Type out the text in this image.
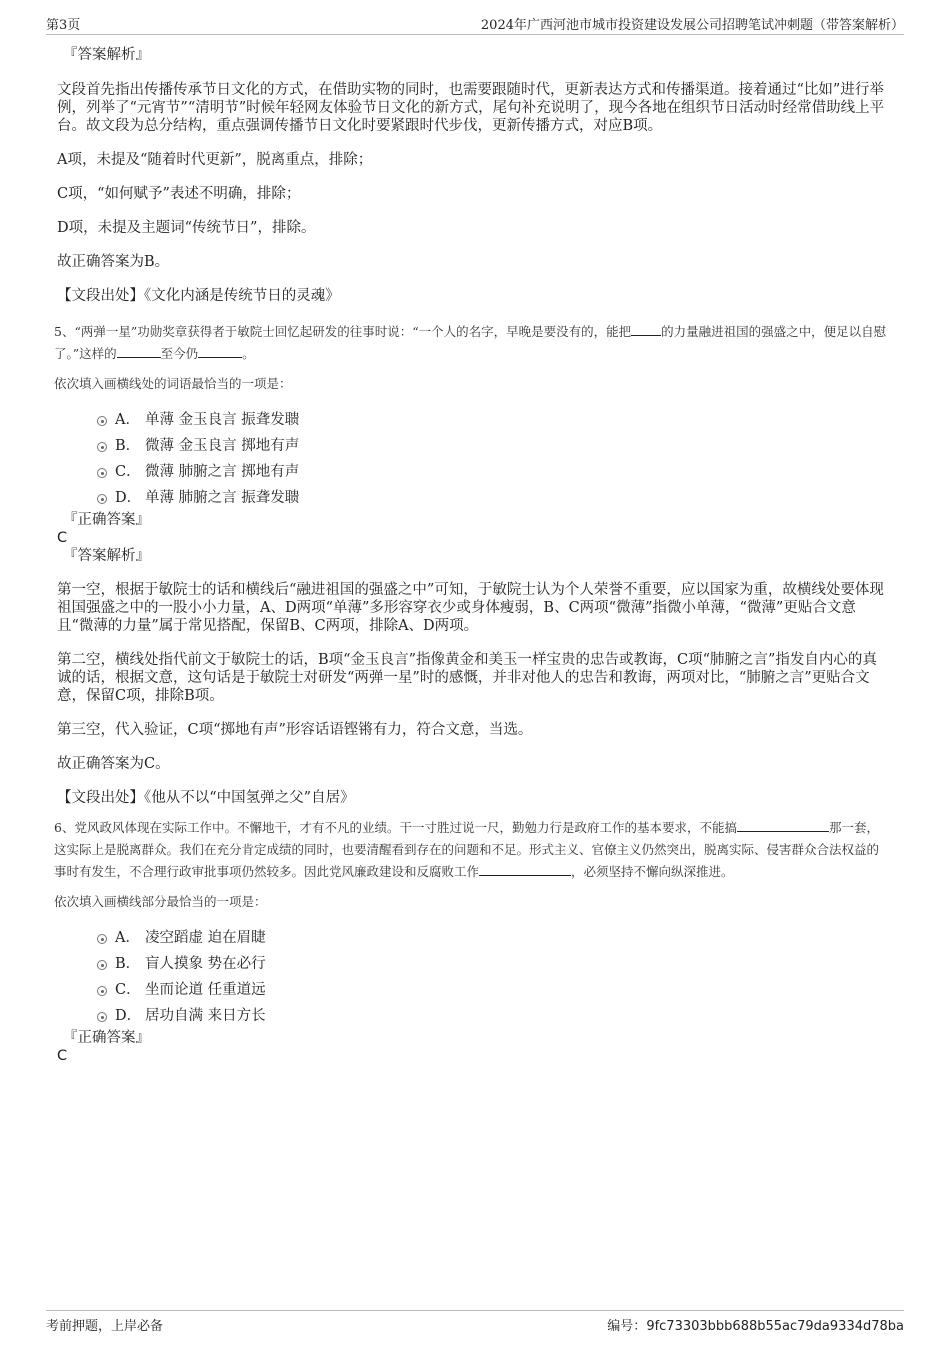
第3页	2024年广西河池市城市投资建设发展公司招聘笔试冲刺题（带答案解析）
『答案解析』

文段首先指出传播传承节日文化的方式，在借助实物的同时，也需要跟随时代，更新表达方式和传播渠道。接着通过“比如”进行举例，列举了“元宵节”“清明节”时候年轻网友体验节日文化的新方式，尾句补充说明了，现今各地在组织节日活动时经常借助线上平台。故文段为总分结构，重点强调传播节日文化时要紧跟时代步伐，更新传播方式，对应B项。

A项，未提及“随着时代更新”，脱离重点，排除；

C项，“如何赋予”表述不明确，排除；

D项，未提及主题词“传统节日”，排除。

故正确答案为B。

【文段出处】《文化内涵是传统节日的灵魂》

5、“两弹一星”功勋奖章获得者于敏院士回忆起研发的往事时说：“一个人的名字，早晚是要没有的，能把 的力量融进祖国的强盛之中，便足以自慰了。”这样的	至今仍	。

依次填入画横线处的词语最恰当的一项是：

A． 单薄 金玉良言 振聋发聩
B． 微薄 金玉良言 掷地有声
C． 微薄 肺腑之言 掷地有声
D． 单薄 肺腑之言 振聋发聩
『正确答案』
C
『答案解析』

第一空，根据于敏院士的话和横线后“融进祖国的强盛之中”可知，于敏院士认为个人荣誉不重要，应以国家为重，故横线处要体现祖国强盛之中的一股小小力量，A、D两项“单薄”多形容穿衣少或身体瘦弱，B、C两项“微薄”指微小单薄，“微薄”更贴合文意且“微薄的力量”属于常见搭配，保留B、C两项，排除A、D两项。

第二空，横线处指代前文于敏院士的话，B项“金玉良言”指像黄金和美玉一样宝贵的忠告或教诲，C项“肺腑之言”指发自内心的真诚的话，根据文意，这句话是于敏院士对研发“两弹一星”时的感慨，并非对他人的忠告和教诲，两项对比，“肺腑之言”更贴合文意，保留C项，排除B项。

第三空，代入验证，C项“掷地有声”形容话语铿锵有力，符合文意，当选。

故正确答案为C。

【文段出处】《他从不以“中国氢弹之父”自居》

6、党风政风体现在实际工作中。不懈地干，才有不凡的业绩。干一寸胜过说一尺，勤勉力行是政府工作的基本要求，不能搞	那一套，这实际上是脱离群众。我们在充分肯定成绩的同时，也要清醒看到存在的问题和不足。形式主义、官僚主义仍然突出，脱离实际、侵害群众合法权益的事时有发生，不合理行政审批事项仍然较多。因此党风廉政建设和反腐败工作	，必须坚持不懈向纵深推进。

依次填入画横线部分最恰当的一项是：

A． 凌空蹈虚 迫在眉睫
B． 盲人摸象 势在必行
C． 坐而论道 任重道远
D． 居功自满 来日方长
『正确答案』
C
考前押题，上岸必备	编号：9fc73303bbb688b55ac79da9334d78ba
